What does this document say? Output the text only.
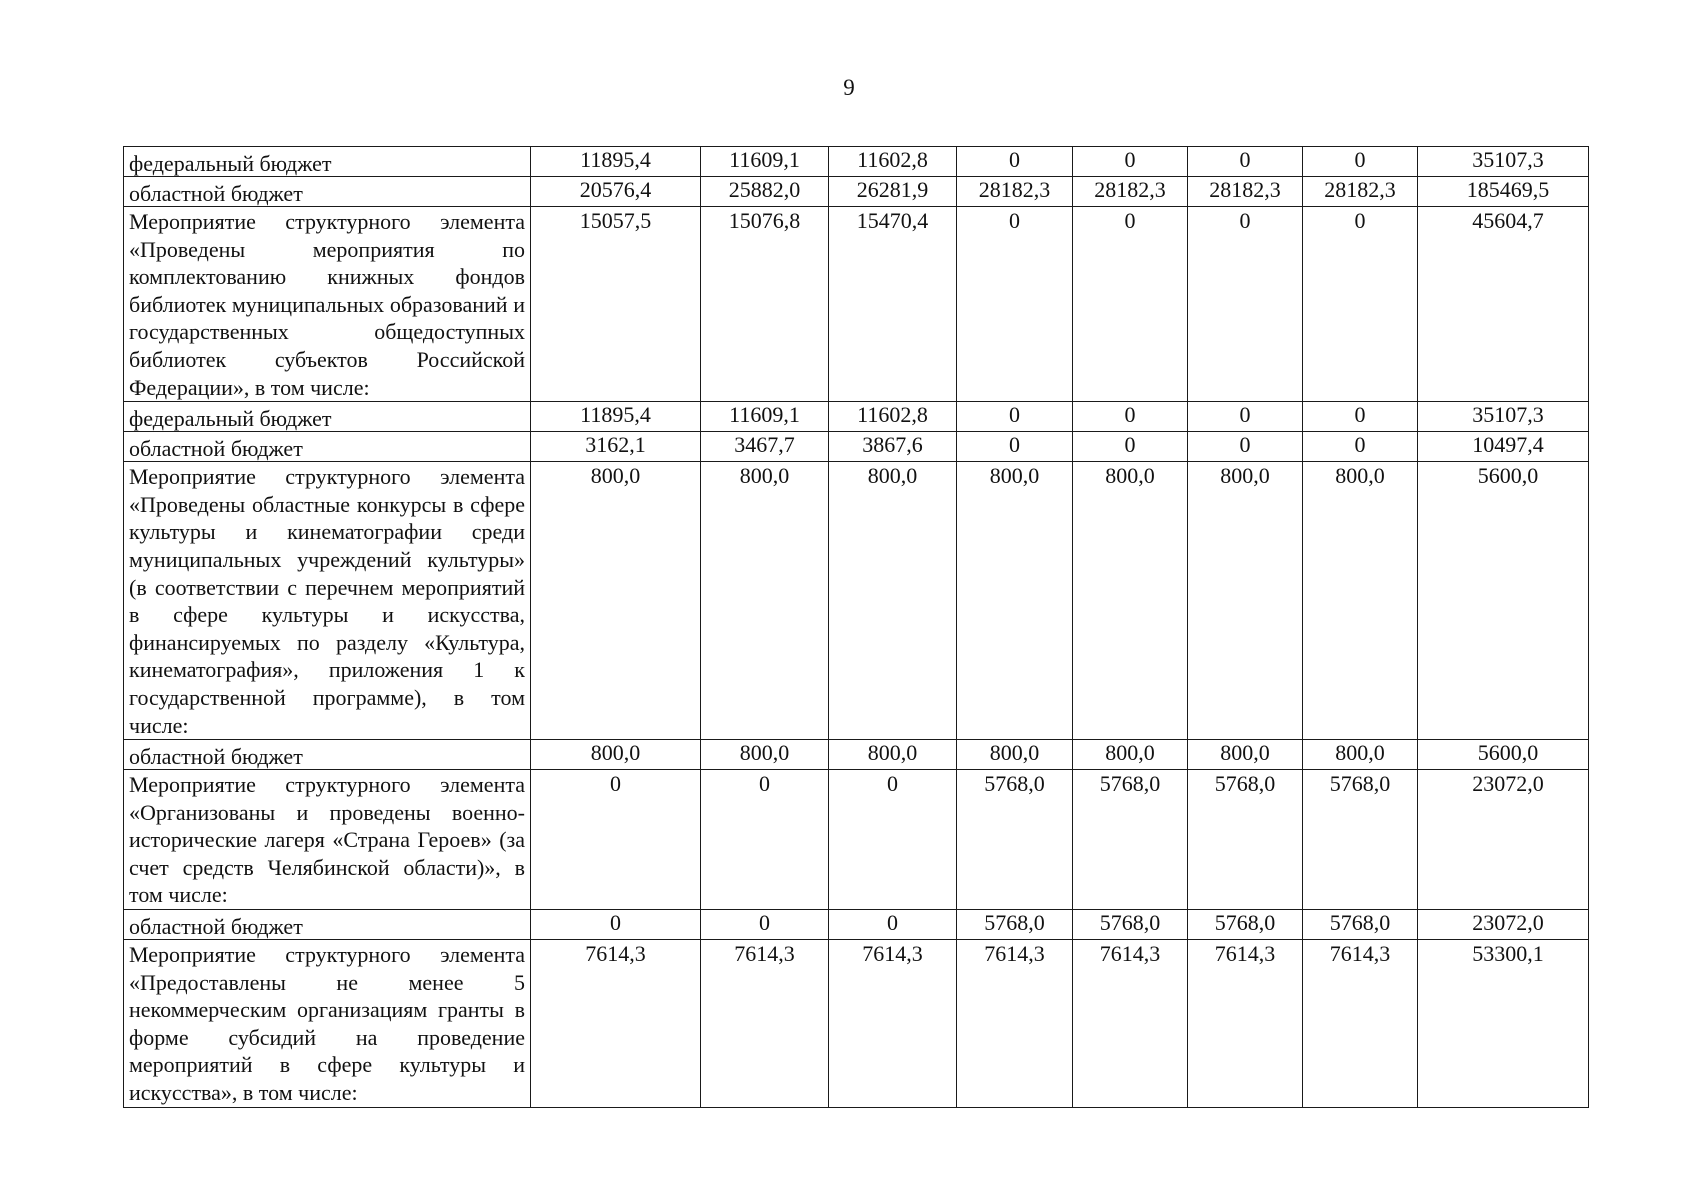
9
федеральный бюджет	11895,4	11609,1	11602,8	0	0	0	0	35107,3
областной бюджет	20576,4	25882,0	26281,9	28182,3	28182,3	28182,3	28182,3	185469,5
Мероприятие структурного элемента «Проведены мероприятия по комплектованию книжных фондов библиотек муниципальных образований и государственных общедоступных библиотек субъектов Российской Федерации», в том числе:	15057,5	15076,8	15470,4	0	0	0	0	45604,7
федеральный бюджет	11895,4	11609,1	11602,8	0	0	0	0	35107,3
областной бюджет	3162,1	3467,7	3867,6	0	0	0	0	10497,4
Мероприятие структурного элемента «Проведены областные конкурсы в сфере культуры и кинематографии среди муниципальных учреждений культуры» (в соответствии с перечнем мероприятий в сфере культуры и искусства, финансируемых по разделу «Культура, кинематография», приложения 1 к государственной программе), в том числе:	800,0	800,0	800,0	800,0	800,0	800,0	800,0	5600,0
областной бюджет	800,0	800,0	800,0	800,0	800,0	800,0	800,0	5600,0
Мероприятие структурного элемента «Организованы и проведены военно-исторические лагеря «Страна Героев» (за счет средств Челябинской области)», в том числе:	0	0	0	5768,0	5768,0	5768,0	5768,0	23072,0
областной бюджет	0	0	0	5768,0	5768,0	5768,0	5768,0	23072,0
Мероприятие структурного элемента «Предоставлены не менее 5 некоммерческим организациям гранты в форме субсидий на проведение мероприятий в сфере культуры и искусства», в том числе:	7614,3	7614,3	7614,3	7614,3	7614,3	7614,3	7614,3	53300,1
